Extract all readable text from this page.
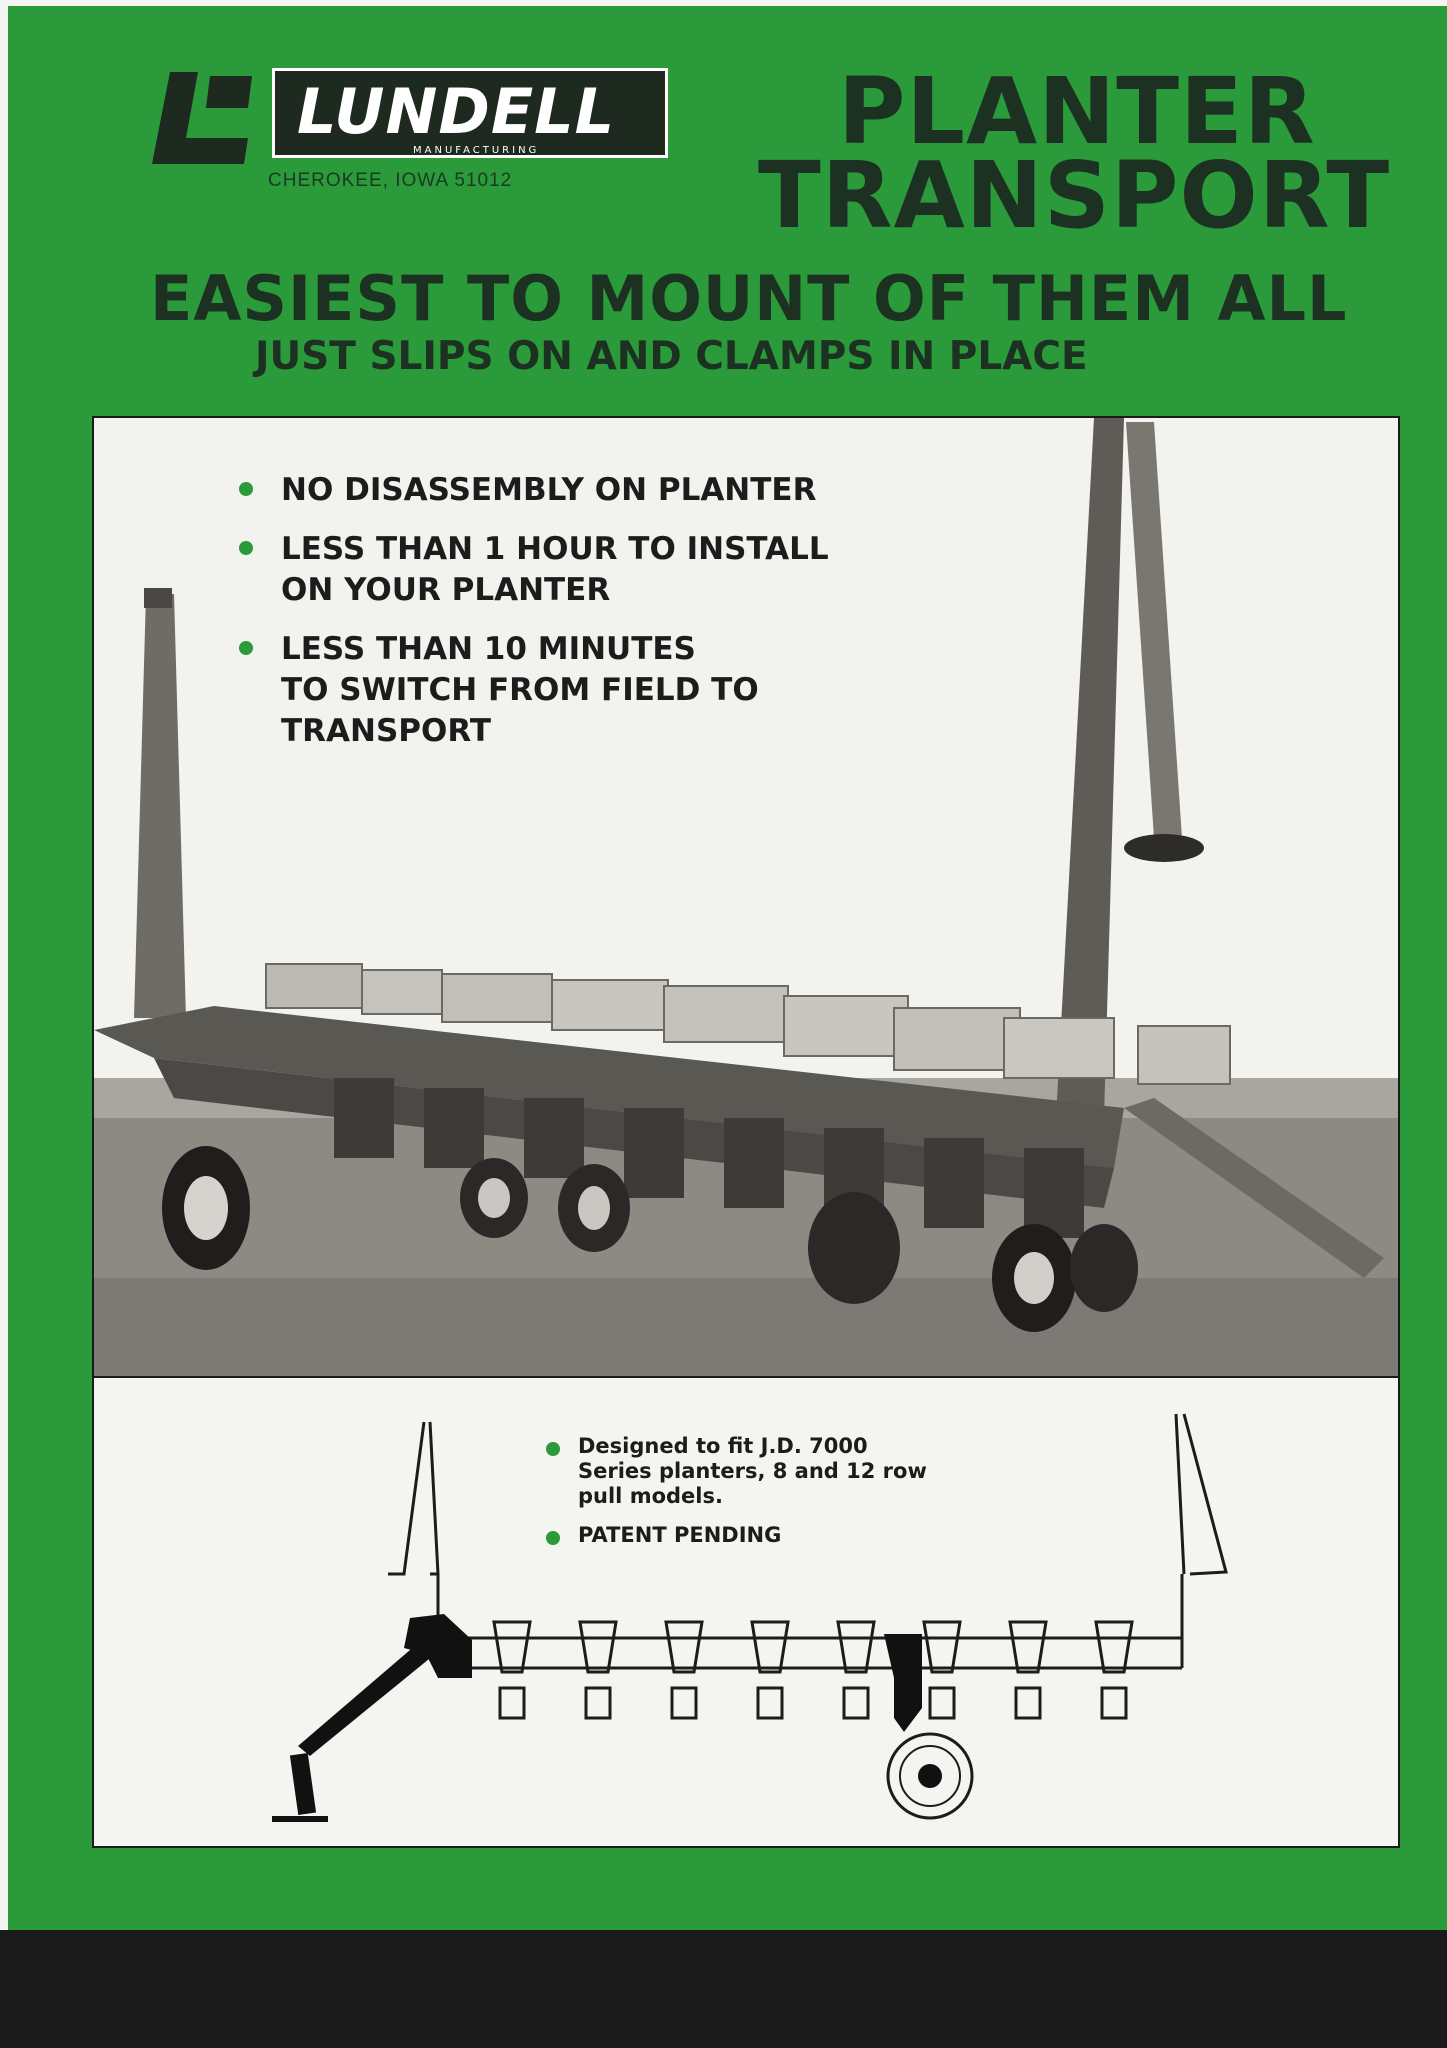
LUNDELL
MANUFACTURING
CHEROKEE, IOWA 51012
PLANTER
TRANSPORT
EASIEST TO MOUNT OF THEM ALL
JUST SLIPS ON AND CLAMPS IN PLACE
NO DISASSEMBLY ON PLANTER
LESS THAN 1 HOUR TO INSTALL
ON YOUR PLANTER
LESS THAN 10 MINUTES
TO SWITCH FROM FIELD TO
TRANSPORT
Designed to fit J.D. 7000
Series planters, 8 and 12 row
pull models.
PATENT PENDING
